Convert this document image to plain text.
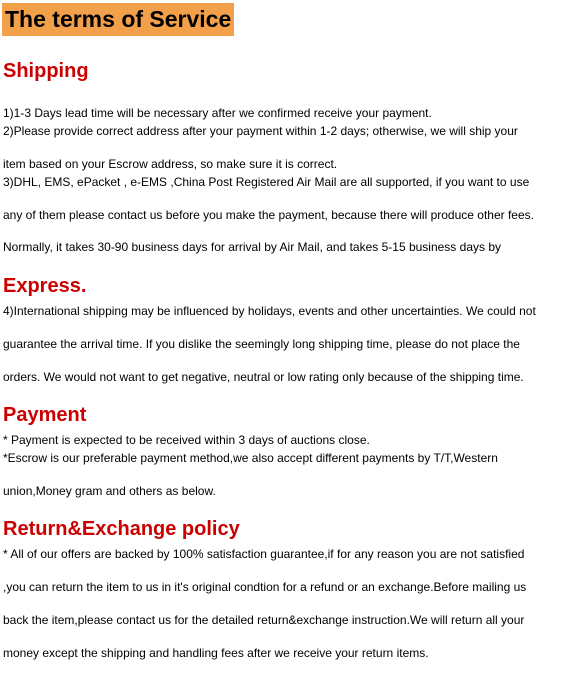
The terms of Service
Shipping
1)1-3 Days lead time will be necessary after we confirmed receive your payment.
2)Please provide correct address after your payment within 1-2 days; otherwise, we will ship your
item based on your Escrow address, so make sure it is correct.
3)DHL, EMS, ePacket , e-EMS ,China Post Registered Air Mail are all supported, if you want to use
any of them please contact us before you make the payment, because there will produce other fees.
Normally, it takes 30-90 business days for arrival by Air Mail, and takes 5-15 business days by
Express.
4)International shipping may be influenced by holidays, events and other uncertainties. We could not
guarantee the arrival time. If you dislike the seemingly long shipping time, please do not place the
orders. We would not want to get negative, neutral or low rating only because of the shipping time.
Payment
* Payment is expected to be received within 3 days of auctions close.
*Escrow is our preferable payment method,we also accept different payments by T/T,Western
union,Money gram and others as below.
Return&Exchange policy
* All of our offers are backed by 100% satisfaction guarantee,if for any reason you are not satisfied
,you can return the item to us in it's original condtion for a refund or an exchange.Before mailing us
back the item,please contact us for the detailed return&exchange instruction.We will return all your
money except the shipping and handling fees after we receive your return items.
